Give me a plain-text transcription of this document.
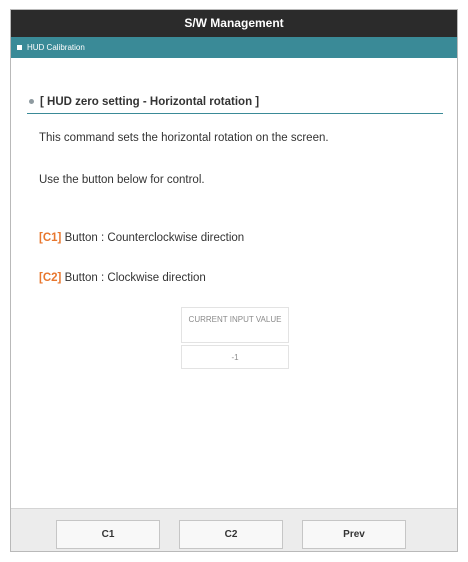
S/W Management
HUD Calibration
[ HUD zero setting - Horizontal rotation ]
This command sets the horizontal rotation on the screen.
Use the button below for control.
[C1] Button : Counterclockwise direction
[C2] Button : Clockwise direction
CURRENT INPUT VALUE
-1
C1	C2	Prev
